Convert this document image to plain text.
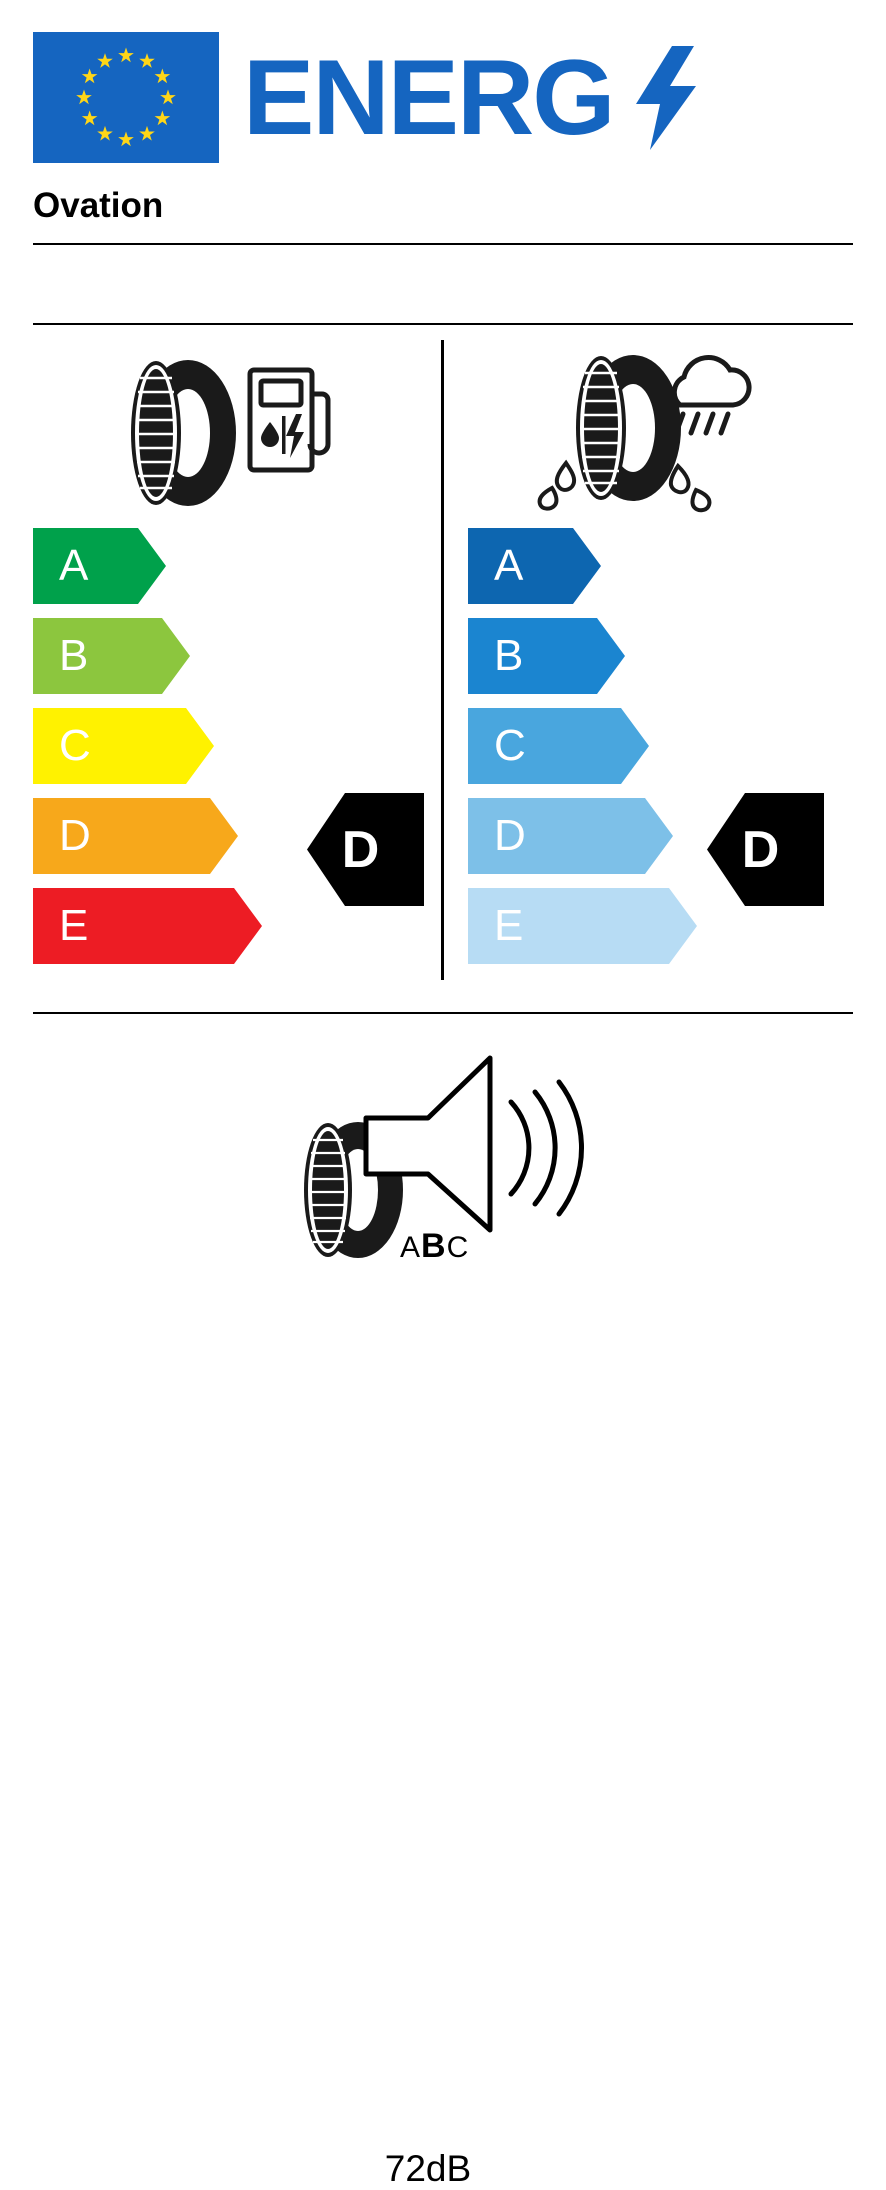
ENERG
Ovation
A
B
C
D
E
D
A
B
C
D
E
D
72dB
ABC
